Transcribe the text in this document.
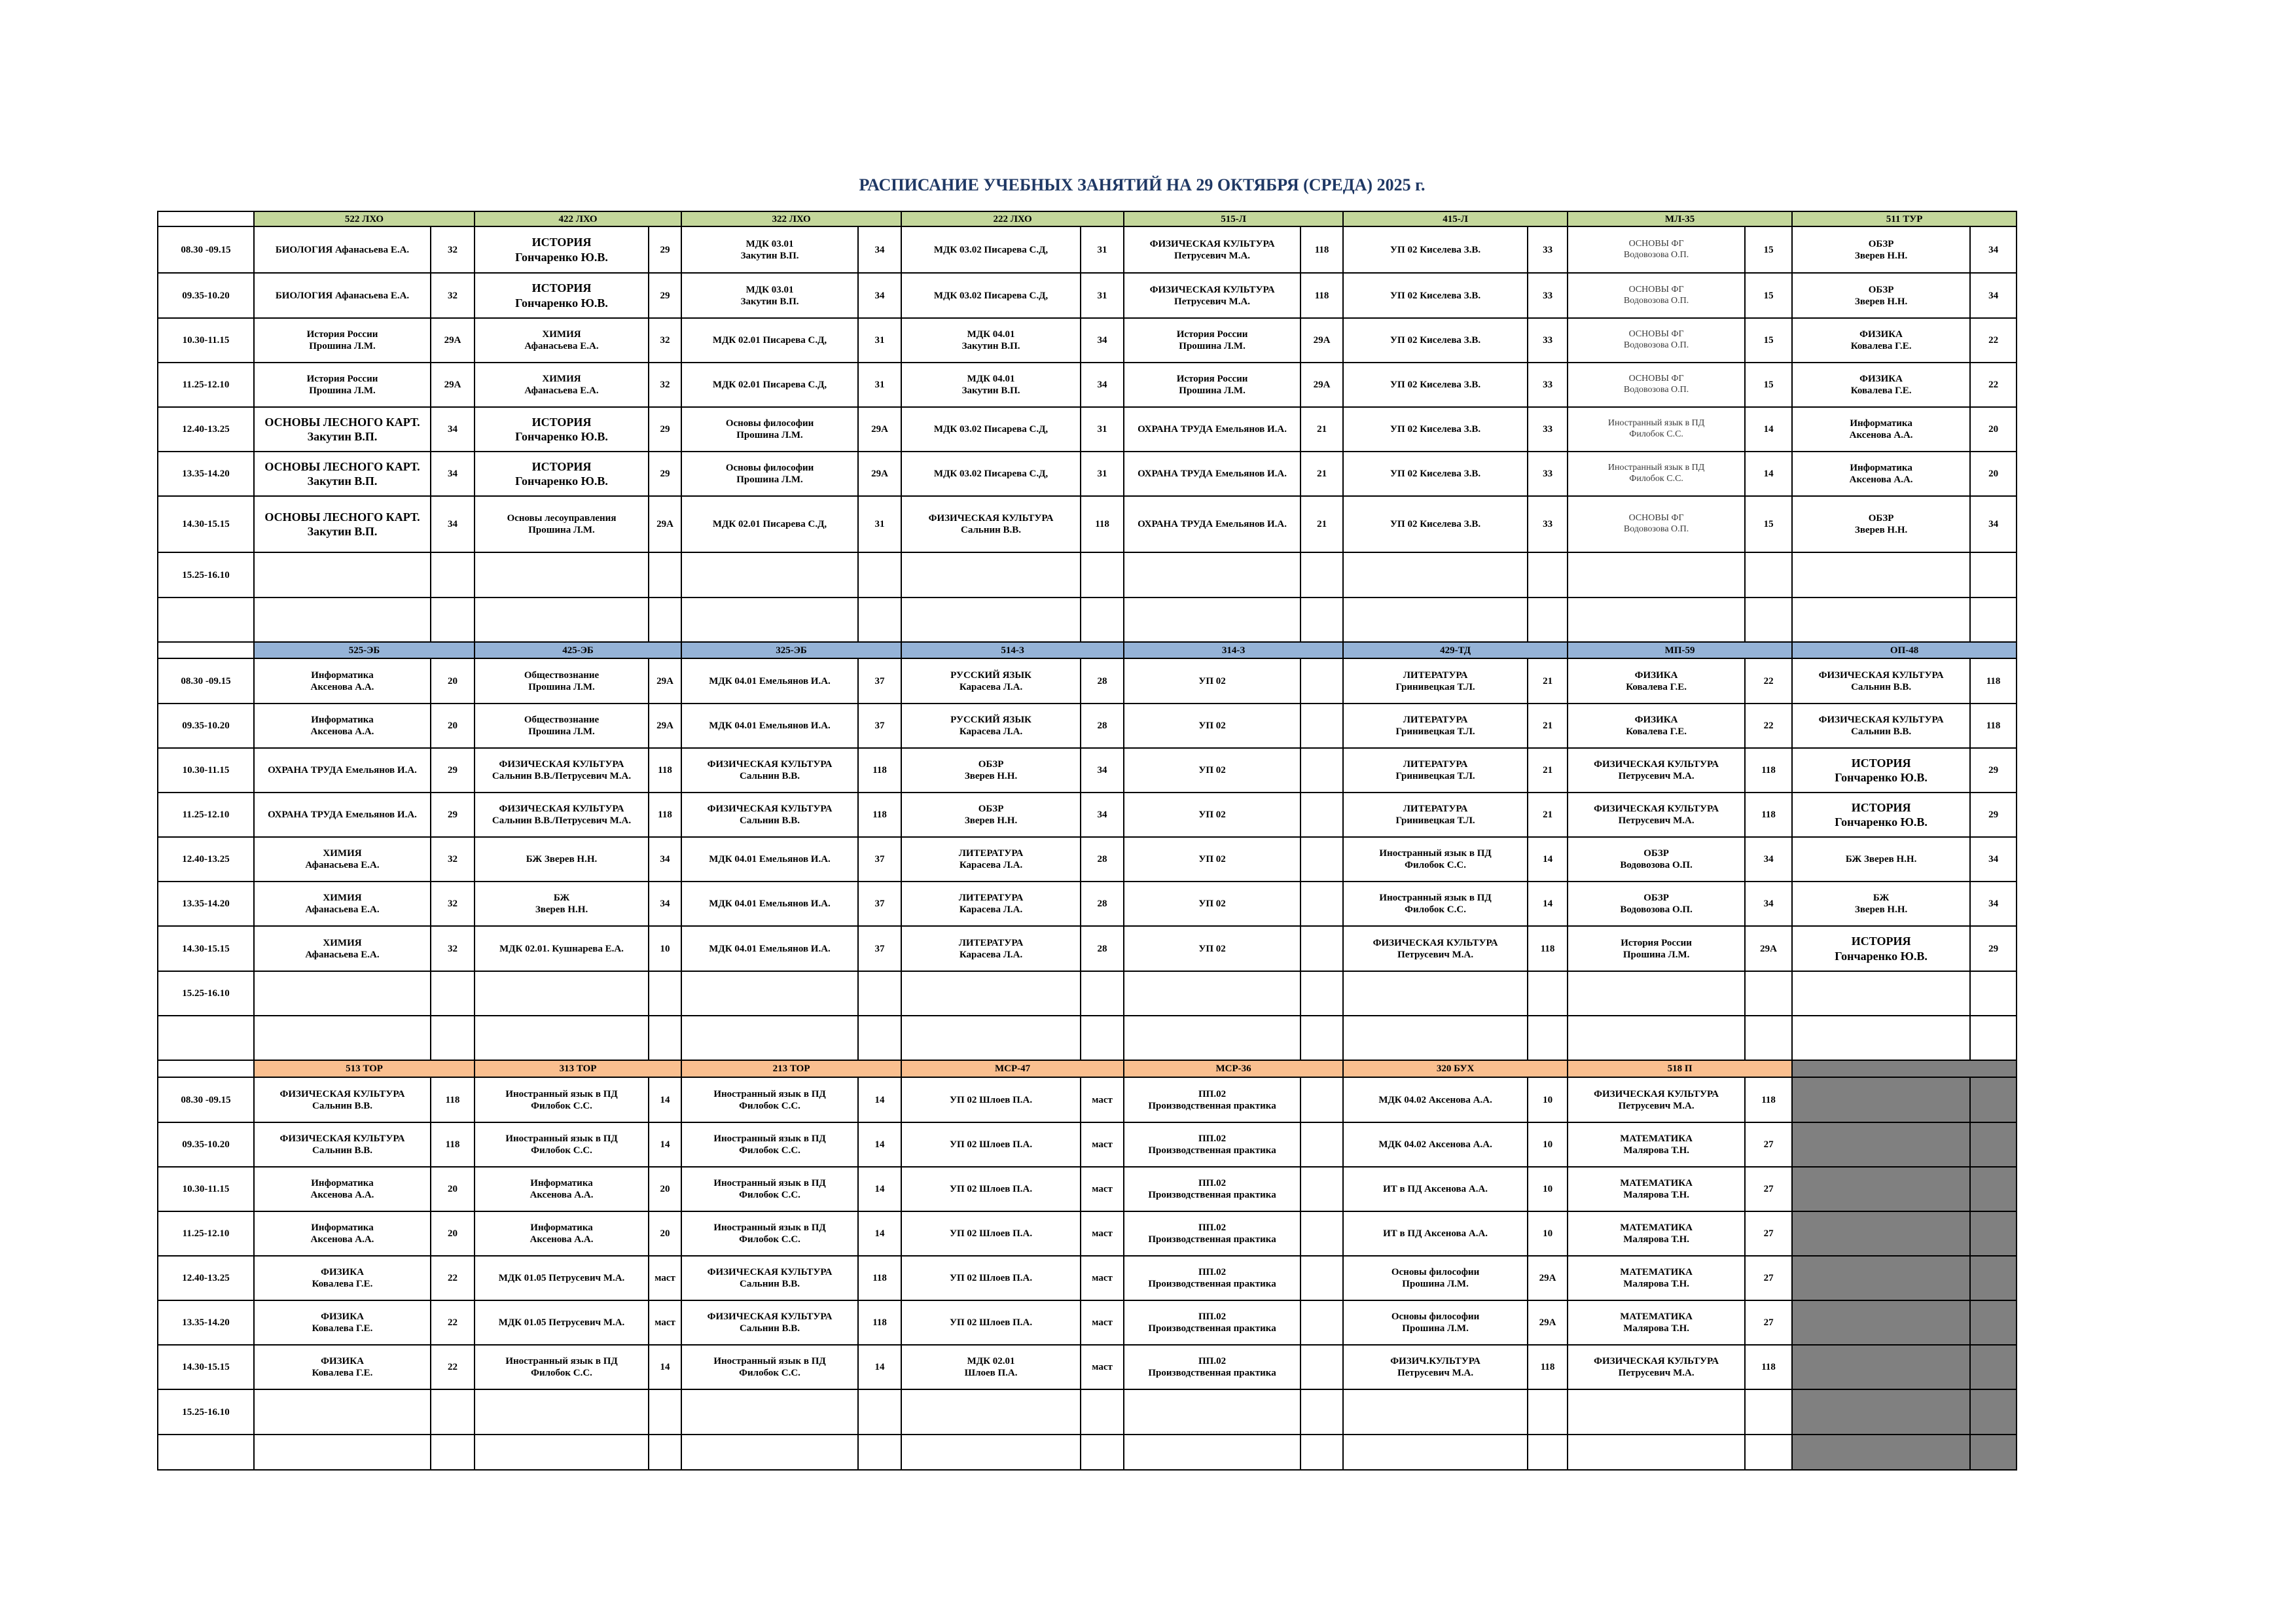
РАСПИСАНИЕ УЧЕБНЫХ ЗАНЯТИЙ НА 29 ОКТЯБРЯ (СРЕДА) 2025 г.
	522 ЛХО		422 ЛХО		322 ЛХО		222 ЛХО		515-Л		415-Л		МЛ-35		511 ТУР	
08.30 -09.15	БИОЛОГИЯ Афанасьева Е.А.	32	ИСТОРИЯ
Гончаренко Ю.В.	29	МДК 03.01
Закутин В.П.	34	МДК 03.02 Писарева С.Д,	31	ФИЗИЧЕСКАЯ КУЛЬТУРА
Петрусевич М.А.	118	УП 02 Киселева З.В.	33	ОСНОВЫ ФГ
Водовозова О.П.	15	ОБЗР
Зверев Н.Н.	34
09.35-10.20	БИОЛОГИЯ Афанасьева Е.А.	32	ИСТОРИЯ
Гончаренко Ю.В.	29	МДК 03.01
Закутин В.П.	34	МДК 03.02 Писарева С.Д,	31	ФИЗИЧЕСКАЯ КУЛЬТУРА
Петрусевич М.А.	118	УП 02 Киселева З.В.	33	ОСНОВЫ ФГ
Водовозова О.П.	15	ОБЗР
Зверев Н.Н.	34
10.30-11.15	История России
Прошина Л.М.	29А	ХИМИЯ
Афанасьева Е.А.	32	МДК 02.01 Писарева С.Д,	31	МДК 04.01
Закутин В.П.	34	История России
Прошина Л.М.	29А	УП 02 Киселева З.В.	33	ОСНОВЫ ФГ
Водовозова О.П.	15	ФИЗИКА
Ковалева Г.Е.	22
11.25-12.10	История России
Прошина Л.М.	29А	ХИМИЯ
Афанасьева Е.А.	32	МДК 02.01 Писарева С.Д,	31	МДК 04.01
Закутин В.П.	34	История России
Прошина Л.М.	29А	УП 02 Киселева З.В.	33	ОСНОВЫ ФГ
Водовозова О.П.	15	ФИЗИКА
Ковалева Г.Е.	22
12.40-13.25	ОСНОВЫ ЛЕСНОГО КАРТ.
Закутин В.П.	34	ИСТОРИЯ
Гончаренко Ю.В.	29	Основы философии
Прошина Л.М.	29А	МДК 03.02 Писарева С.Д,	31	ОХРАНА ТРУДА Емельянов И.А.	21	УП 02 Киселева З.В.	33	Иностранный язык в ПД
Филобок С.С.	14	Информатика
Аксенова А.А.	20
13.35-14.20	ОСНОВЫ ЛЕСНОГО КАРТ.
Закутин В.П.	34	ИСТОРИЯ
Гончаренко Ю.В.	29	Основы философии
Прошина Л.М.	29А	МДК 03.02 Писарева С.Д,	31	ОХРАНА ТРУДА Емельянов И.А.	21	УП 02 Киселева З.В.	33	Иностранный язык в ПД
Филобок С.С.	14	Информатика
Аксенова А.А.	20
14.30-15.15	ОСНОВЫ ЛЕСНОГО КАРТ.
Закутин В.П.	34	Основы лесоуправления
Прошина Л.М.	29А	МДК 02.01 Писарева С.Д,	31	ФИЗИЧЕСКАЯ КУЛЬТУРА
Сальнин В.В.	118	ОХРАНА ТРУДА Емельянов И.А.	21	УП 02 Киселева З.В.	33	ОСНОВЫ ФГ
Водовозова О.П.	15	ОБЗР
Зверев Н.Н.	34
15.25-16.10																

	525-ЭБ		425-ЭБ		325-ЭБ		514-З		314-З		429-ТД		МП-59		ОП-48	
08.30 -09.15	Информатика
Аксенова А.А.	20	Обществознание
Прошина Л.М.	29А	МДК 04.01 Емельянов И.А.	37	РУССКИЙ ЯЗЫК
Карасева Л.А.	28	УП 02		ЛИТЕРАТУРА
Гринивецкая Т.Л.	21	ФИЗИКА
Ковалева Г.Е.	22	ФИЗИЧЕСКАЯ КУЛЬТУРА
Сальнин В.В.	118
09.35-10.20	Информатика
Аксенова А.А.	20	Обществознание
Прошина Л.М.	29А	МДК 04.01 Емельянов И.А.	37	РУССКИЙ ЯЗЫК
Карасева Л.А.	28	УП 02		ЛИТЕРАТУРА
Гринивецкая Т.Л.	21	ФИЗИКА
Ковалева Г.Е.	22	ФИЗИЧЕСКАЯ КУЛЬТУРА
Сальнин В.В.	118
10.30-11.15	ОХРАНА ТРУДА Емельянов И.А.	29	ФИЗИЧЕСКАЯ КУЛЬТУРА
Сальнин В.В./Петрусевич М.А.	118	ФИЗИЧЕСКАЯ КУЛЬТУРА
Сальнин В.В.	118	ОБЗР
Зверев Н.Н.	34	УП 02		ЛИТЕРАТУРА
Гринивецкая Т.Л.	21	ФИЗИЧЕСКАЯ КУЛЬТУРА
Петрусевич М.А.	118	ИСТОРИЯ
Гончаренко Ю.В.	29
11.25-12.10	ОХРАНА ТРУДА Емельянов И.А.	29	ФИЗИЧЕСКАЯ КУЛЬТУРА
Сальнин В.В./Петрусевич М.А.	118	ФИЗИЧЕСКАЯ КУЛЬТУРА
Сальнин В.В.	118	ОБЗР
Зверев Н.Н.	34	УП 02		ЛИТЕРАТУРА
Гринивецкая Т.Л.	21	ФИЗИЧЕСКАЯ КУЛЬТУРА
Петрусевич М.А.	118	ИСТОРИЯ
Гончаренко Ю.В.	29
12.40-13.25	ХИМИЯ
Афанасьева Е.А.	32	БЖ Зверев Н.Н.	34	МДК 04.01 Емельянов И.А.	37	ЛИТЕРАТУРА
Карасева Л.А.	28	УП 02		Иностранный язык в ПД
Филобок С.С.	14	ОБЗР
Водовозова О.П.	34	БЖ Зверев Н.Н.	34
13.35-14.20	ХИМИЯ
Афанасьева Е.А.	32	БЖ
Зверев Н.Н.	34	МДК 04.01 Емельянов И.А.	37	ЛИТЕРАТУРА
Карасева Л.А.	28	УП 02		Иностранный язык в ПД
Филобок С.С.	14	ОБЗР
Водовозова О.П.	34	БЖ
Зверев Н.Н.	34
14.30-15.15	ХИМИЯ
Афанасьева Е.А.	32	МДК 02.01. Кушнарева Е.А.	10	МДК 04.01 Емельянов И.А.	37	ЛИТЕРАТУРА
Карасева Л.А.	28	УП 02		ФИЗИЧЕСКАЯ КУЛЬТУРА
Петрусевич М.А.	118	История России
Прошина Л.М.	29А	ИСТОРИЯ
Гончаренко Ю.В.	29
15.25-16.10																

	513 ТОР		313 ТОР		213 ТОР		МСР-47		МСР-36		320 БУХ		518 П			
08.30 -09.15	ФИЗИЧЕСКАЯ КУЛЬТУРА
Сальнин В.В.	118	Иностранный язык в ПД
Филобок С.С.	14	Иностранный язык в ПД
Филобок С.С.	14	УП 02 Шлоев П.А.	маст	ПП.02
Производственная практика		МДК 04.02 Аксенова А.А.	10	ФИЗИЧЕСКАЯ КУЛЬТУРА
Петрусевич М.А.	118		
09.35-10.20	ФИЗИЧЕСКАЯ КУЛЬТУРА
Сальнин В.В.	118	Иностранный язык в ПД
Филобок С.С.	14	Иностранный язык в ПД
Филобок С.С.	14	УП 02 Шлоев П.А.	маст	ПП.02
Производственная практика		МДК 04.02 Аксенова А.А.	10	МАТЕМАТИКА
Малярова Т.Н.	27		
10.30-11.15	Информатика
Аксенова А.А.	20	Информатика
Аксенова А.А.	20	Иностранный язык в ПД
Филобок С.С.	14	УП 02 Шлоев П.А.	маст	ПП.02
Производственная практика		ИТ в ПД Аксенова А.А.	10	МАТЕМАТИКА
Малярова Т.Н.	27		
11.25-12.10	Информатика
Аксенова А.А.	20	Информатика
Аксенова А.А.	20	Иностранный язык в ПД
Филобок С.С.	14	УП 02 Шлоев П.А.	маст	ПП.02
Производственная практика		ИТ в ПД Аксенова А.А.	10	МАТЕМАТИКА
Малярова Т.Н.	27		
12.40-13.25	ФИЗИКА
Ковалева Г.Е.	22	МДК 01.05 Петрусевич М.А.	маст	ФИЗИЧЕСКАЯ КУЛЬТУРА
Сальнин В.В.	118	УП 02 Шлоев П.А.	маст	ПП.02
Производственная практика		Основы философии
Прошина Л.М.	29А	МАТЕМАТИКА
Малярова Т.Н.	27		
13.35-14.20	ФИЗИКА
Ковалева Г.Е.	22	МДК 01.05 Петрусевич М.А.	маст	ФИЗИЧЕСКАЯ КУЛЬТУРА
Сальнин В.В.	118	УП 02 Шлоев П.А.	маст	ПП.02
Производственная практика		Основы философии
Прошина Л.М.	29А	МАТЕМАТИКА
Малярова Т.Н.	27		
14.30-15.15	ФИЗИКА
Ковалева Г.Е.	22	Иностранный язык в ПД
Филобок С.С.	14	Иностранный язык в ПД
Филобок С.С.	14	МДК 02.01
Шлоев П.А.	маст	ПП.02
Производственная практика		ФИЗИЧ.КУЛЬТУРА
Петрусевич М.А.	118	ФИЗИЧЕСКАЯ КУЛЬТУРА
Петрусевич М.А.	118		
15.25-16.10																
